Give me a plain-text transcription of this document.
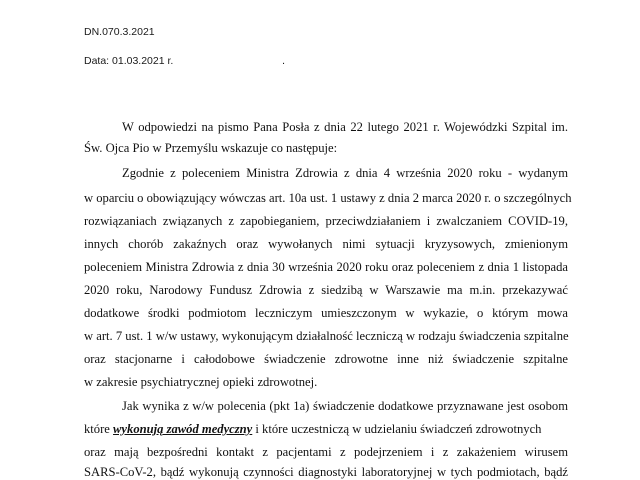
DN.070.3.2021
Data: 01.03.2021 r.	.
W odpowiedzi na pismo Pana Posła z dnia 22 lutego 2021 r. Wojewódzki Szpital im.
Św. Ojca Pio w Przemyślu wskazuje co następuje:
Zgodnie z poleceniem Ministra Zdrowia z dnia 4 września 2020 roku - wydanym
w oparciu o obowiązujący wówczas art. 10a ust. 1 ustawy z dnia 2 marca 2020 r. o szczególnych
rozwiązaniach związanych z zapobieganiem, przeciwdziałaniem i zwalczaniem COVID-19,
innych chorób zakaźnych oraz wywołanych nimi sytuacji kryzysowych, zmienionym
poleceniem Ministra Zdrowia z dnia 30 września 2020 roku oraz poleceniem z dnia 1 listopada
2020 roku, Narodowy Fundusz Zdrowia z siedzibą w Warszawie ma m.in. przekazywać
dodatkowe środki podmiotom leczniczym umieszczonym w wykazie, o którym mowa
w art. 7 ust. 1 w/w ustawy, wykonującym działalność leczniczą w rodzaju świadczenia szpitalne
oraz stacjonarne i całodobowe świadczenie zdrowotne inne niż świadczenie szpitalne
w zakresie psychiatrycznej opieki zdrowotnej.
Jak wynika z w/w polecenia (pkt 1a) świadczenie dodatkowe przyznawane jest osobom
które wykonują zawód medyczny i które uczestniczą w udzielaniu świadczeń zdrowotnych
oraz mają bezpośredni kontakt z pacjentami z podejrzeniem i z zakażeniem wirusem
SARS-CoV-2, bądź wykonują czynności diagnostyki laboratoryjnej w tych podmiotach, bądź
